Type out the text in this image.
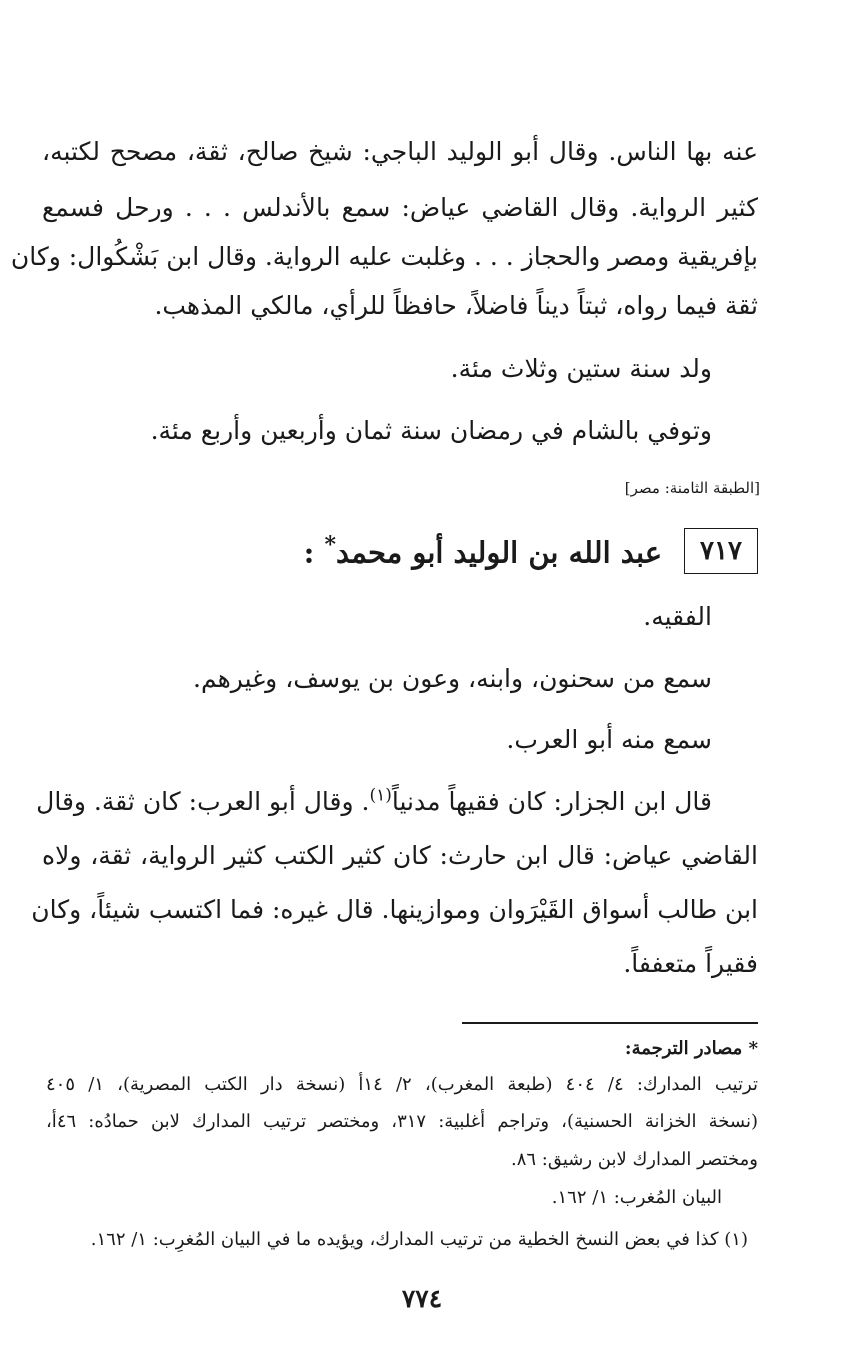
عنه بها الناس. وقال أبو الوليد الباجي: شيخ صالح، ثقة، مصحح لكتبه،
كثير الرواية. وقال القاضي عياض: سمع بالأندلس . . . ورحل فسمع
بإفريقية ومصر والحجاز . . . وغلبت عليه الرواية. وقال ابن بَشْكُوال: وكان
ثقة فيما رواه، ثبتاً ديناً فاضلاً، حافظاً للرأي، مالكي المذهب.
ولد سنة ستين وثلاث مئة.
وتوفي بالشام في رمضان سنة ثمان وأربعين وأربع مئة.
[الطبقة الثامنة: مصر]
٧١٧
عبد الله بن الوليد أبو محمد* :
الفقيه.
سمع من سحنون، وابنه، وعون بن يوسف، وغيرهم.
سمع منه أبو العرب.
قال ابن الجزار: كان فقيهاً مدنياً$^{(١)}$. وقال أبو العرب: كان ثقة. وقال
القاضي عياض: قال ابن حارث: كان كثير الكتب كثير الرواية، ثقة، ولاه
ابن طالب أسواق القَيْرَوان وموازينها. قال غيره: فما اكتسب شيئاً، وكان
فقيراً متعففاً.
* مصادر الترجمة:
ترتيب المدارك: ٤/ ٤٠٤ (طبعة المغرب)، ٢/ ١٤أ (نسخة دار الكتب المصرية)، ١/ ٤٠٥
(نسخة الخزانة الحسنية)، وتراجم أغلبية: ٣١٧، ومختصر ترتيب المدارك لابن حمادُه: ٤٦أ،
ومختصر المدارك لابن رشيق: ٨٦.
البيان المُغرب: ١/ ١٦٢.
(١) كذا في بعض النسخ الخطية من ترتيب المدارك، ويؤيده ما في البيان المُغرِب: ١/ ١٦٢.
٧٧٤
